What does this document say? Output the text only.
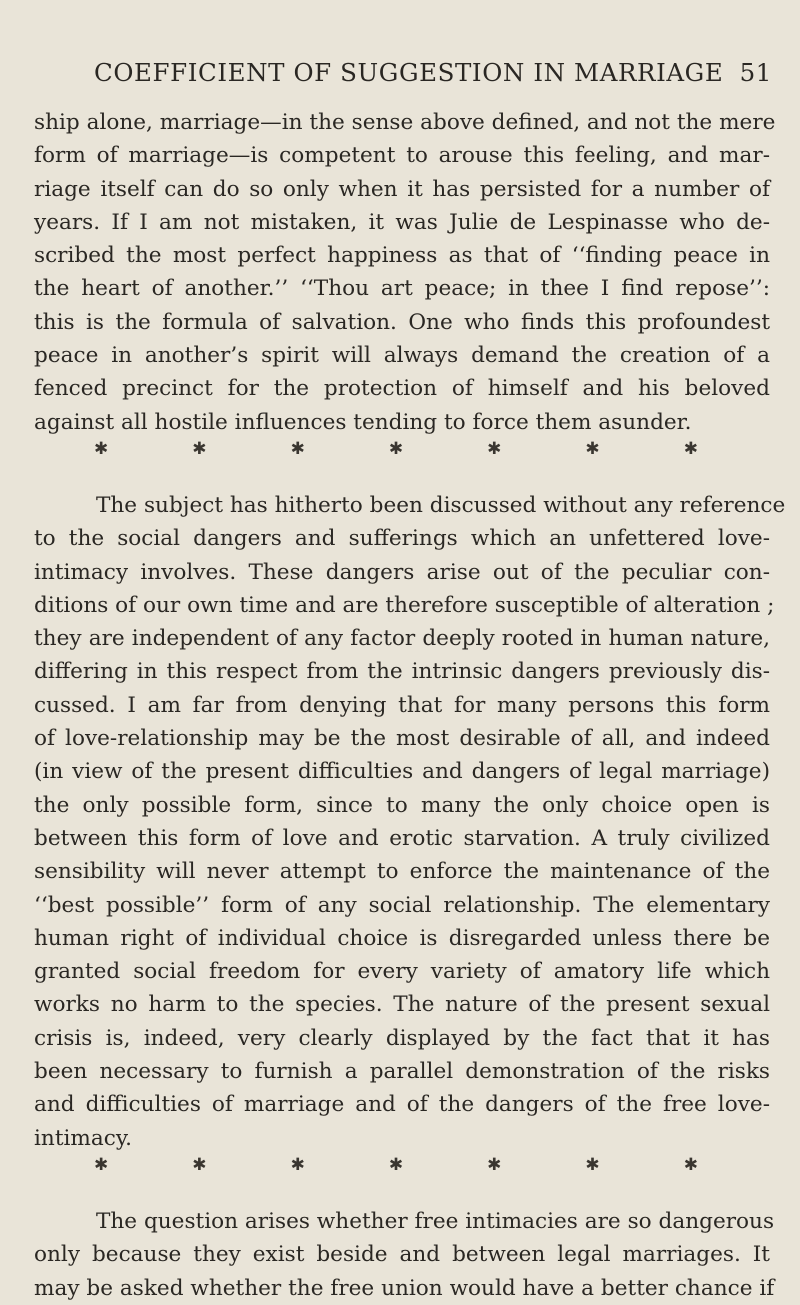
COEFFICIENT OF SUGGESTION IN MARRIAGE 51
ship alone, marriage—in the sense above defined, and not the mere
form of marriage—is competent to arouse this feeling, and mar-
riage itself can do so only when it has persisted for a number of
years. If I am not mistaken, it was Julie de Lespinasse who de-
scribed the most perfect happiness as that of ‘‘finding peace in
the heart of another.’’ ‘‘Thou art peace; in thee I find repose’’:
this is the formula of salvation. One who finds this profoundest
peace in another’s spirit will always demand the creation of a
fenced precinct for the protection of himself and his beloved
against all hostile influences tending to force them asunder.
✱	✱	✱	✱	✱	✱	✱
The subject has hitherto been discussed without any reference
to the social dangers and sufferings which an unfettered love-
intimacy involves. These dangers arise out of the peculiar con-
ditions of our own time and are therefore susceptible of alteration ;
they are independent of any factor deeply rooted in human nature,
differing in this respect from the intrinsic dangers previously dis-
cussed. I am far from denying that for many persons this form
of love-relationship may be the most desirable of all, and indeed
(in view of the present difficulties and dangers of legal marriage)
the only possible form, since to many the only choice open is
between this form of love and erotic starvation. A truly civilized
sensibility will never attempt to enforce the maintenance of the
‘‘best possible’’ form of any social relationship. The elementary
human right of individual choice is disregarded unless there be
granted social freedom for every variety of amatory life which
works no harm to the species. The nature of the present sexual
crisis is, indeed, very clearly displayed by the fact that it has
been necessary to furnish a parallel demonstration of the risks
and difficulties of marriage and of the dangers of the free love-
intimacy.
✱	✱	✱	✱	✱	✱	✱
The question arises whether free intimacies are so dangerous
only because they exist beside and between legal marriages. It
may be asked whether the free union would have a better chance if
